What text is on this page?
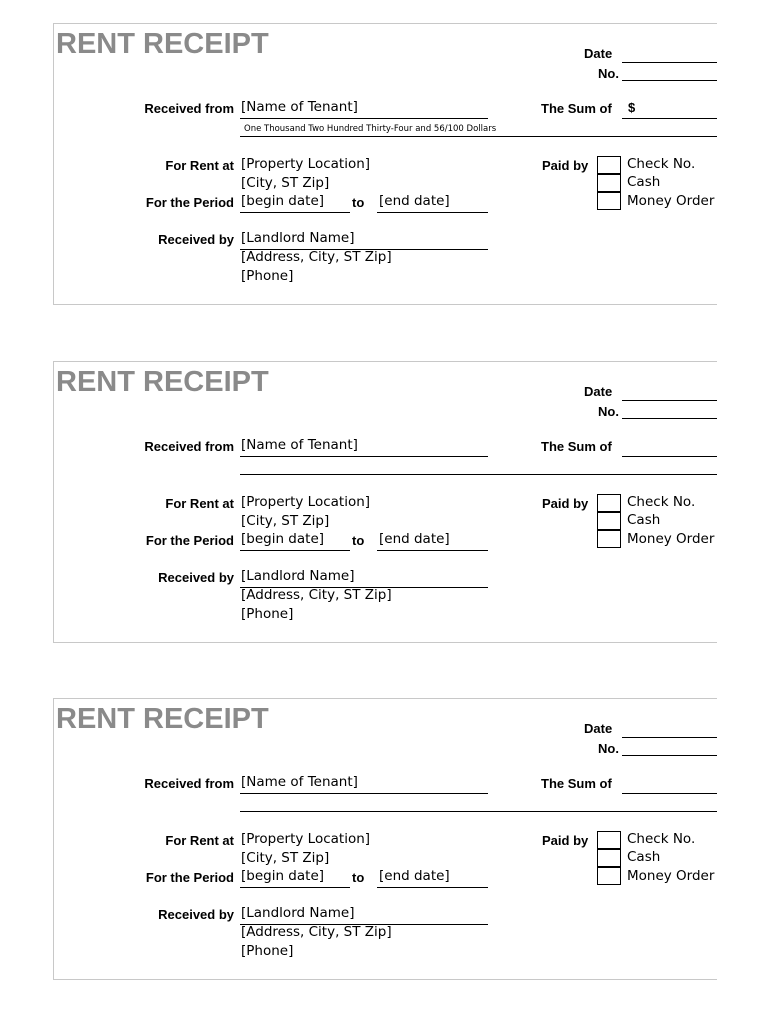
RENT RECEIPT	Date
No.
Received from [Name of Tenant]	The Sum of $
One Thousand Two Hundred Thirty-Four and 56/100 Dollars
For Rent at [Property Location]
[City, ST Zip]
For the Period [begin date] to [end date]
Paid by	Check No.
Cash
Money Order
Received by [Landlord Name]
[Address, City, ST Zip]
[Phone]
RENT RECEIPT	Date
No.
Received from [Name of Tenant]	The Sum of
For Rent at [Property Location]
[City, ST Zip]
For the Period [begin date] to [end date]
Paid by	Check No.
Cash
Money Order
Received by [Landlord Name]
[Address, City, ST Zip]
[Phone]
RENT RECEIPT	Date
No.
Received from [Name of Tenant]	The Sum of
For Rent at [Property Location]
[City, ST Zip]
For the Period [begin date] to [end date]
Paid by	Check No.
Cash
Money Order
Received by [Landlord Name]
[Address, City, ST Zip]
[Phone]
